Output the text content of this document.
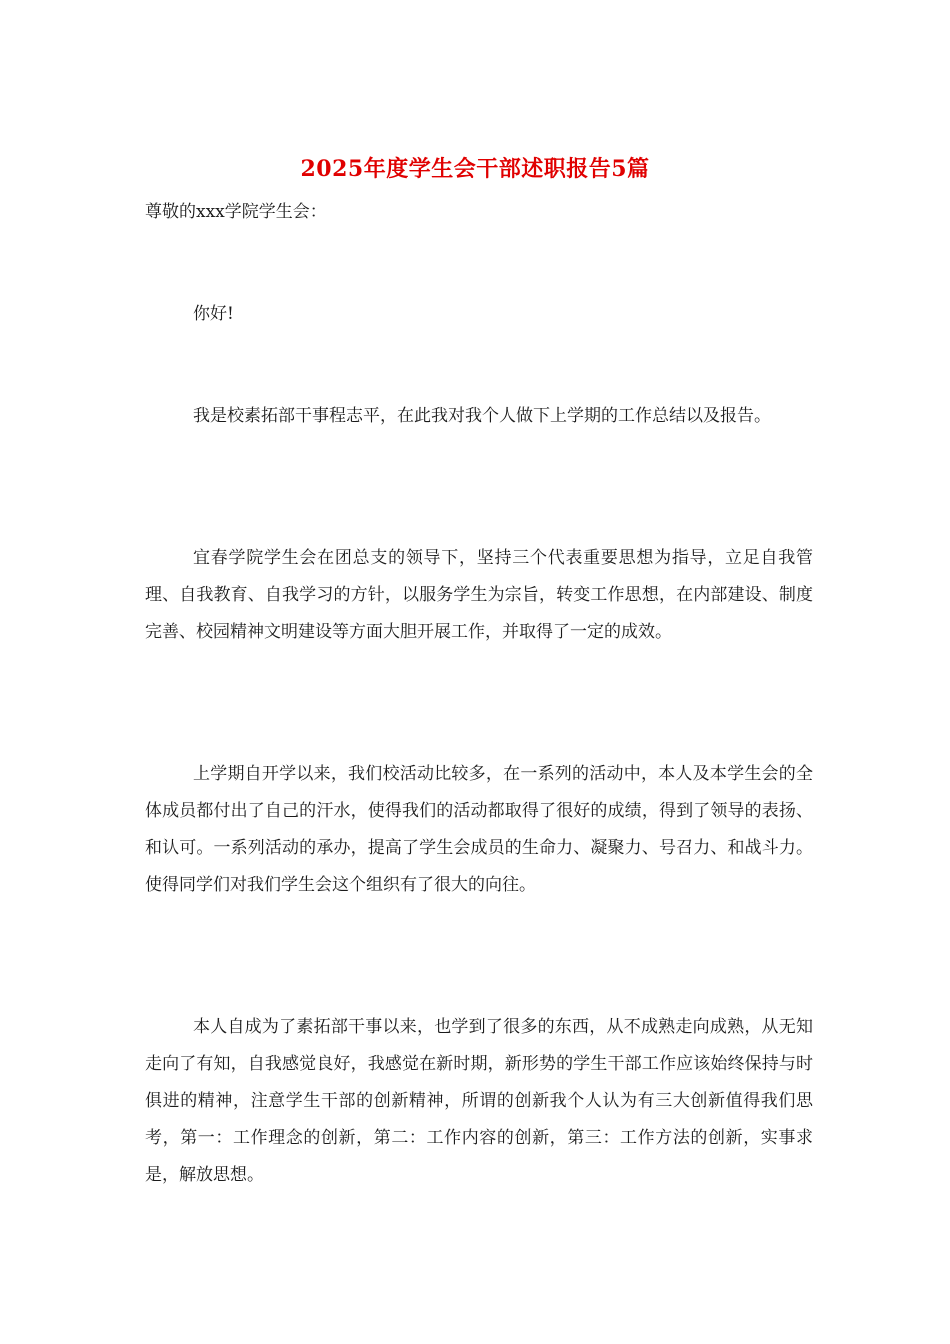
2025年度学生会干部述职报告5篇
尊敬的xxx学院学生会：

你好!

我是校素拓部干事程志平，在此我对我个人做下上学期的工作总结以及报告。

宜春学院学生会在团总支的领导下，坚持三个代表重要思想为指导，立足自我管理、自我教育、自我学习的方针，以服务学生为宗旨，转变工作思想，在内部建设、制度完善、校园精神文明建设等方面大胆开展工作，并取得了一定的成效。

上学期自开学以来，我们校活动比较多，在一系列的活动中，本人及本学生会的全体成员都付出了自己的汗水，使得我们的活动都取得了很好的成绩，得到了领导的表扬、和认可。一系列活动的承办，提高了学生会成员的生命力、凝聚力、号召力、和战斗力。使得同学们对我们学生会这个组织有了很大的向往。

本人自成为了素拓部干事以来，也学到了很多的东西，从不成熟走向成熟，从无知走向了有知，自我感觉良好，我感觉在新时期，新形势的学生干部工作应该始终保持与时俱进的精神，注意学生干部的创新精神，所谓的创新我个人认为有三大创新值得我们思考，第一：工作理念的创新，第二：工作内容的创新，第三：工作方法的创新，实事求是，解放思想。
